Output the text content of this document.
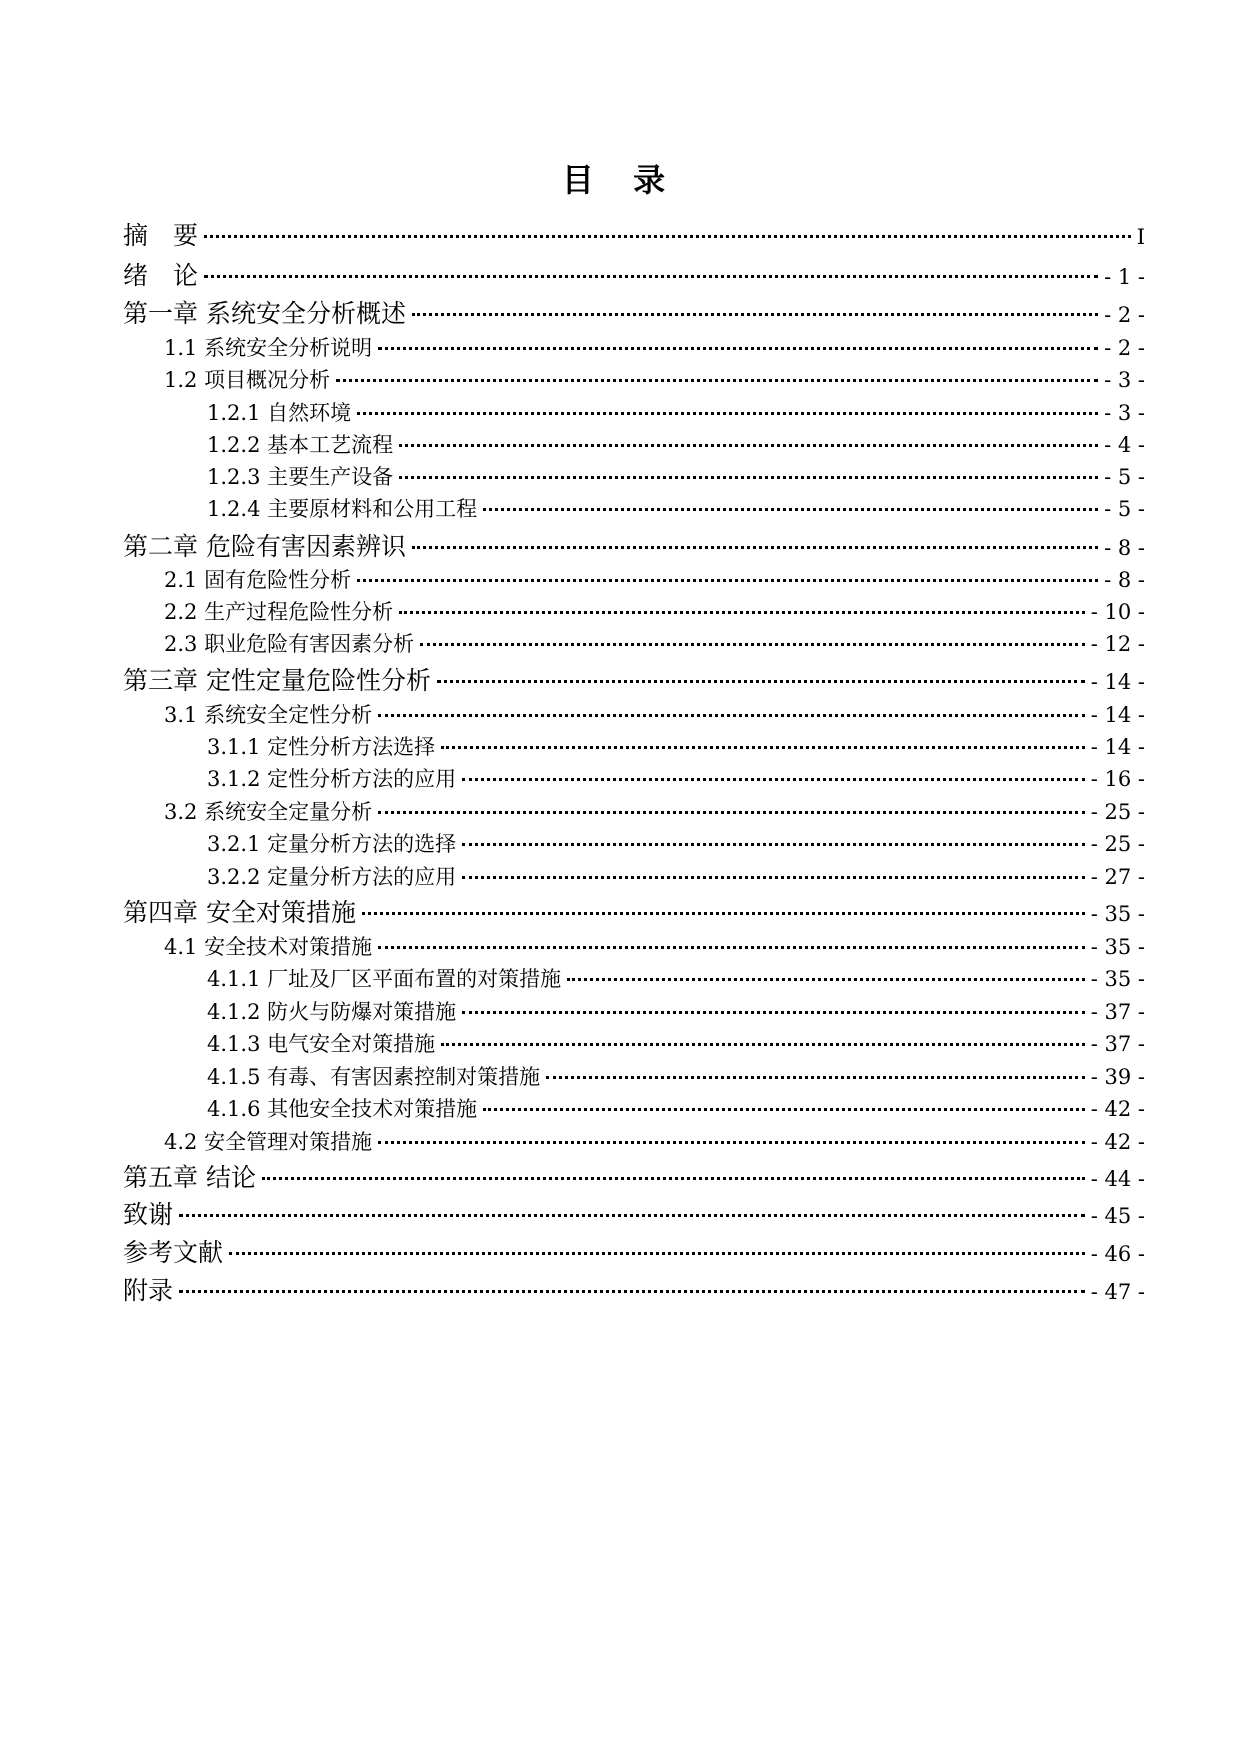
目 录
摘　要	I
绪　论	- 1 -
第一章 系统安全分析概述	- 2 -
1.1 系统安全分析说明	- 2 -
1.2 项目概况分析	- 3 -
1.2.1 自然环境	- 3 -
1.2.2 基本工艺流程	- 4 -
1.2.3 主要生产设备	- 5 -
1.2.4 主要原材料和公用工程	- 5 -
第二章 危险有害因素辨识	- 8 -
2.1 固有危险性分析	- 8 -
2.2 生产过程危险性分析	- 10 -
2.3 职业危险有害因素分析	- 12 -
第三章 定性定量危险性分析	- 14 -
3.1 系统安全定性分析	- 14 -
3.1.1 定性分析方法选择	- 14 -
3.1.2 定性分析方法的应用	- 16 -
3.2 系统安全定量分析	- 25 -
3.2.1 定量分析方法的选择	- 25 -
3.2.2 定量分析方法的应用	- 27 -
第四章 安全对策措施	- 35 -
4.1 安全技术对策措施	- 35 -
4.1.1 厂址及厂区平面布置的对策措施	- 35 -
4.1.2 防火与防爆对策措施	- 37 -
4.1.3 电气安全对策措施	- 37 -
4.1.5 有毒、有害因素控制对策措施	- 39 -
4.1.6 其他安全技术对策措施	- 42 -
4.2 安全管理对策措施	- 42 -
第五章 结论	- 44 -
致谢	- 45 -
参考文献	- 46 -
附录	- 47 -
